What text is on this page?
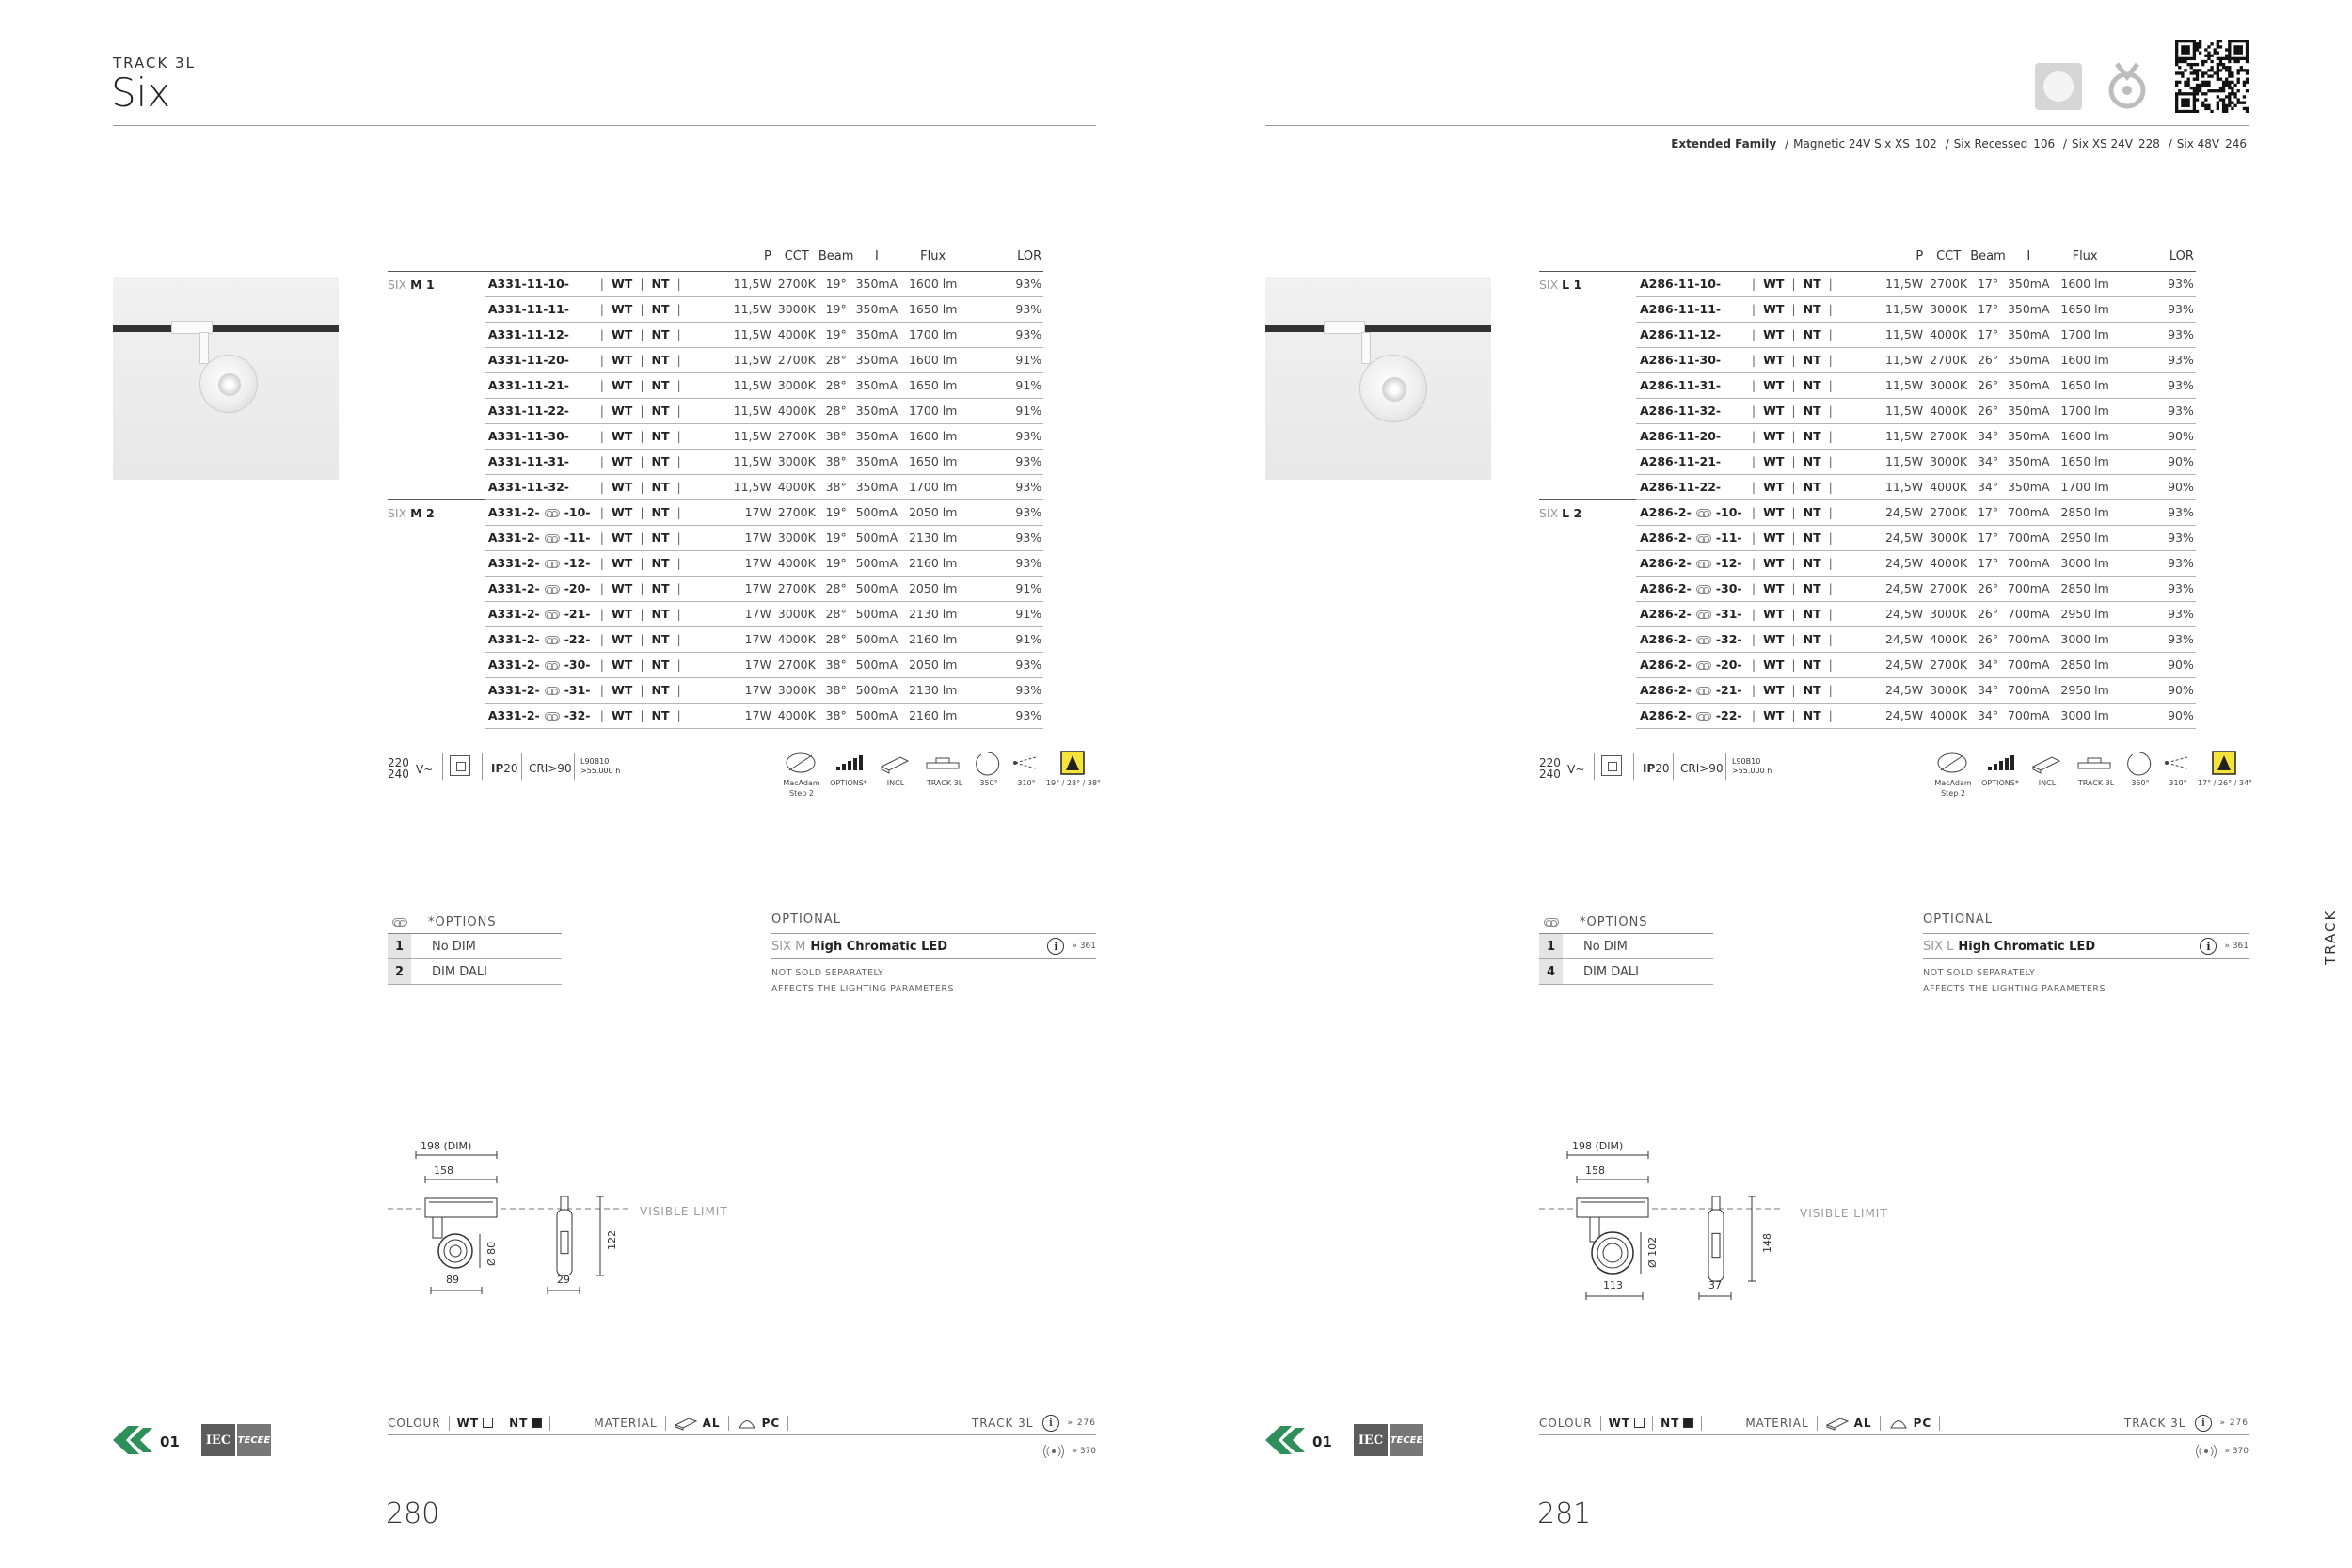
TRACK 3L
Six
Extended Family / Magnetic 24V Six XS_102 / Six Recessed_106 / Six XS 24V_228 / Six 48V_246
			P	CCT	Beam	I	Flux	LOR
SIX M 1	A331-11-10-	| WT | NT |	11,5W	2700K	19°	350mA	1600 lm	93%
	A331-11-11-	| WT | NT |	11,5W	3000K	19°	350mA	1650 lm	93%
	A331-11-12-	| WT | NT |	11,5W	4000K	19°	350mA	1700 lm	93%
	A331-11-20-	| WT | NT |	11,5W	2700K	28°	350mA	1600 lm	91%
	A331-11-21-	| WT | NT |	11,5W	3000K	28°	350mA	1650 lm	91%
	A331-11-22-	| WT | NT |	11,5W	4000K	28°	350mA	1700 lm	91%
	A331-11-30-	| WT | NT |	11,5W	2700K	38°	350mA	1600 lm	93%
	A331-11-31-	| WT | NT |	11,5W	3000K	38°	350mA	1650 lm	93%
	A331-11-32-	| WT | NT |	11,5W	4000K	38°	350mA	1700 lm	93%
SIX M 2	A331-2- -10-	| WT | NT |	17W	2700K	19°	500mA	2050 lm	93%
	A331-2- -11-	| WT | NT |	17W	3000K	19°	500mA	2130 lm	93%
	A331-2- -12-	| WT | NT |	17W	4000K	19°	500mA	2160 lm	93%
	A331-2- -20-	| WT | NT |	17W	2700K	28°	500mA	2050 lm	91%
	A331-2- -21-	| WT | NT |	17W	3000K	28°	500mA	2130 lm	91%
	A331-2- -22-	| WT | NT |	17W	4000K	28°	500mA	2160 lm	91%
	A331-2- -30-	| WT | NT |	17W	2700K	38°	500mA	2050 lm	93%
	A331-2- -31-	| WT | NT |	17W	3000K	38°	500mA	2130 lm	93%
	A331-2- -32-	| WT | NT |	17W	4000K	38°	500mA	2160 lm	93%
			P	CCT	Beam	I	Flux	LOR
SIX L 1	A286-11-10-	| WT | NT |	11,5W	2700K	17°	350mA	1600 lm	93%
	A286-11-11-	| WT | NT |	11,5W	3000K	17°	350mA	1650 lm	93%
	A286-11-12-	| WT | NT |	11,5W	4000K	17°	350mA	1700 lm	93%
	A286-11-30-	| WT | NT |	11,5W	2700K	26°	350mA	1600 lm	93%
	A286-11-31-	| WT | NT |	11,5W	3000K	26°	350mA	1650 lm	93%
	A286-11-32-	| WT | NT |	11,5W	4000K	26°	350mA	1700 lm	93%
	A286-11-20-	| WT | NT |	11,5W	2700K	34°	350mA	1600 lm	90%
	A286-11-21-	| WT | NT |	11,5W	3000K	34°	350mA	1650 lm	90%
	A286-11-22-	| WT | NT |	11,5W	4000K	34°	350mA	1700 lm	90%
SIX L 2	A286-2- -10-	| WT | NT |	24,5W	2700K	17°	700mA	2850 lm	93%
	A286-2- -11-	| WT | NT |	24,5W	3000K	17°	700mA	2950 lm	93%
	A286-2- -12-	| WT | NT |	24,5W	4000K	17°	700mA	3000 lm	93%
	A286-2- -30-	| WT | NT |	24,5W	2700K	26°	700mA	2850 lm	93%
	A286-2- -31-	| WT | NT |	24,5W	3000K	26°	700mA	2950 lm	93%
	A286-2- -32-	| WT | NT |	24,5W	4000K	26°	700mA	3000 lm	93%
	A286-2- -20-	| WT | NT |	24,5W	2700K	34°	700mA	2850 lm	90%
	A286-2- -21-	| WT | NT |	24,5W	3000K	34°	700mA	2950 lm	90%
	A286-2- -22-	| WT | NT |	24,5W	4000K	34°	700mA	3000 lm	90%
220
240 V~	IP20 CRI>90
L90B10
>55.000 h
MacAdam
Step 2
OPTIONS*	INCL	TRACK 3L	350°	310°	19° / 28° / 38°
220
240 V~	IP20 CRI>90
L90B10
>55.000 h
MacAdam
Step 2
OPTIONS*	INCL	TRACK 3L	350°	310°	17° / 26° / 34°
*OPTIONS
1	No DIM
2	DIM DALI
*OPTIONS
1	No DIM
4	DIM DALI
OPTIONAL
SIX M High Chromatic LED	i	» 361
NOT SOLD SEPARATELY
AFFECTS THE LIGHTING PARAMETERS
OPTIONAL
SIX L High Chromatic LED	i	» 361
NOT SOLD SEPARATELY
AFFECTS THE LIGHTING PARAMETERS
198 (DIM)
158
Ø 80
89
122
29
198 (DIM)
158
Ø 102
113
148
37
VISIBLE LIMIT	VISIBLE LIMIT
01	IEC TECEE	01	IEC TECEE
COLOUR WT	NT	MATERIAL	AL	PC	TRACK 3L	i	» 276
» 370
COLOUR WT	NT	MATERIAL	AL	PC	TRACK 3L	i	» 276
» 370
280	281
TRACK
